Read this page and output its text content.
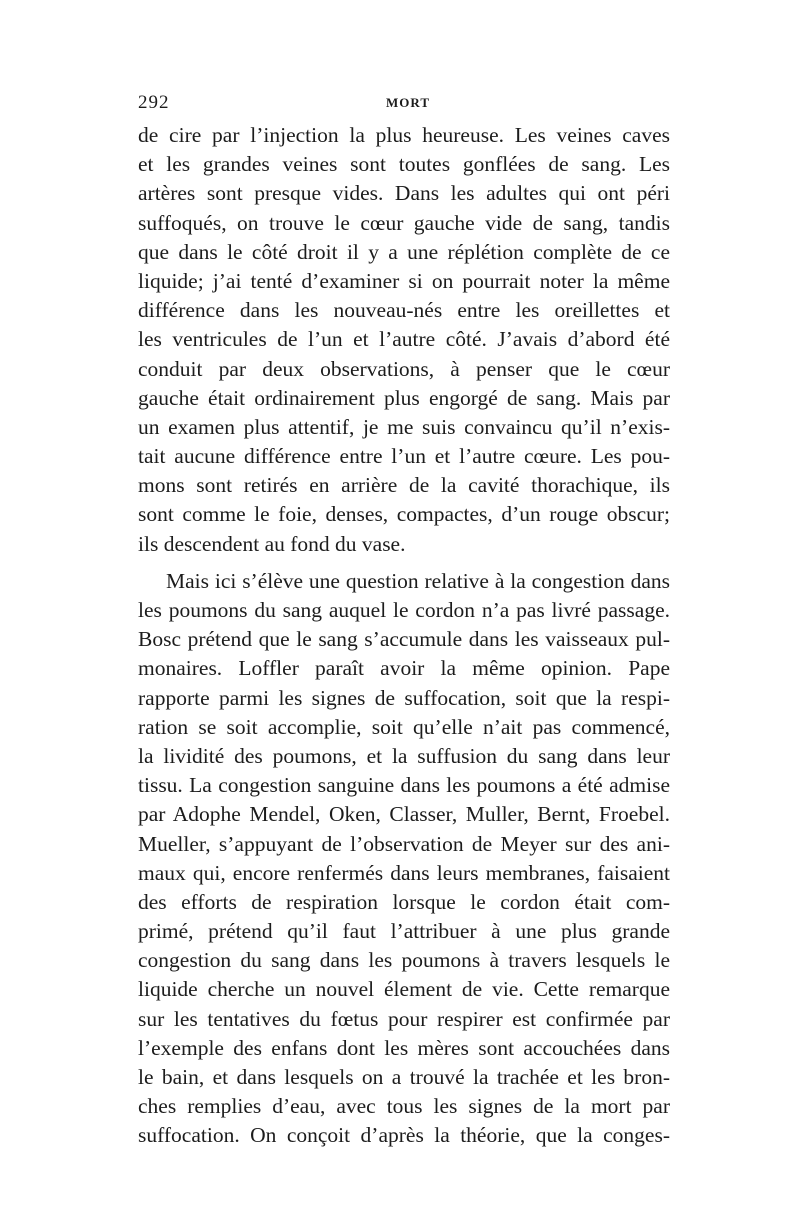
292	MORT
de cire par l’injection la plus heureuse. Les veines caves
et les grandes veines sont toutes gonflées de sang. Les
artères sont presque vides. Dans les adultes qui ont péri
suffoqués, on trouve le cœur gauche vide de sang, tandis
que dans le côté droit il y a une réplétion complète de ce
liquide; j’ai tenté d’examiner si on pourrait noter la même
différence dans les nouveau-nés entre les oreillettes et
les ventricules de l’un et l’autre côté. J’avais d’abord été
conduit par deux observations, à penser que le cœur
gauche était ordinairement plus engorgé de sang. Mais par
un examen plus attentif, je me suis convaincu qu’il n’exis-
tait aucune différence entre l’un et l’autre cœure. Les pou-
mons sont retirés en arrière de la cavité thorachique, ils
sont comme le foie, denses, compactes, d’un rouge obscur;
ils descendent au fond du vase.
Mais ici s’élève une question relative à la congestion dans
les poumons du sang auquel le cordon n’a pas livré passage.
Bosc prétend que le sang s’accumule dans les vaisseaux pul-
monaires. Loffler paraît avoir la même opinion. Pape
rapporte parmi les signes de suffocation, soit que la respi-
ration se soit accomplie, soit qu’elle n’ait pas commencé,
la lividité des poumons, et la suffusion du sang dans leur
tissu. La congestion sanguine dans les poumons a été admise
par Adophe Mendel, Oken, Classer, Muller, Bernt, Froebel.
Mueller, s’appuyant de l’observation de Meyer sur des ani-
maux qui, encore renfermés dans leurs membranes, faisaient
des efforts de respiration lorsque le cordon était com-
primé, prétend qu’il faut l’attribuer à une plus grande
congestion du sang dans les poumons à travers lesquels le
liquide cherche un nouvel élement de vie. Cette remarque
sur les tentatives du fœtus pour respirer est confirmée par
l’exemple des enfans dont les mères sont accouchées dans
le bain, et dans lesquels on a trouvé la trachée et les bron-
ches remplies d’eau, avec tous les signes de la mort par
suffocation. On conçoit d’après la théorie, que la conges-
